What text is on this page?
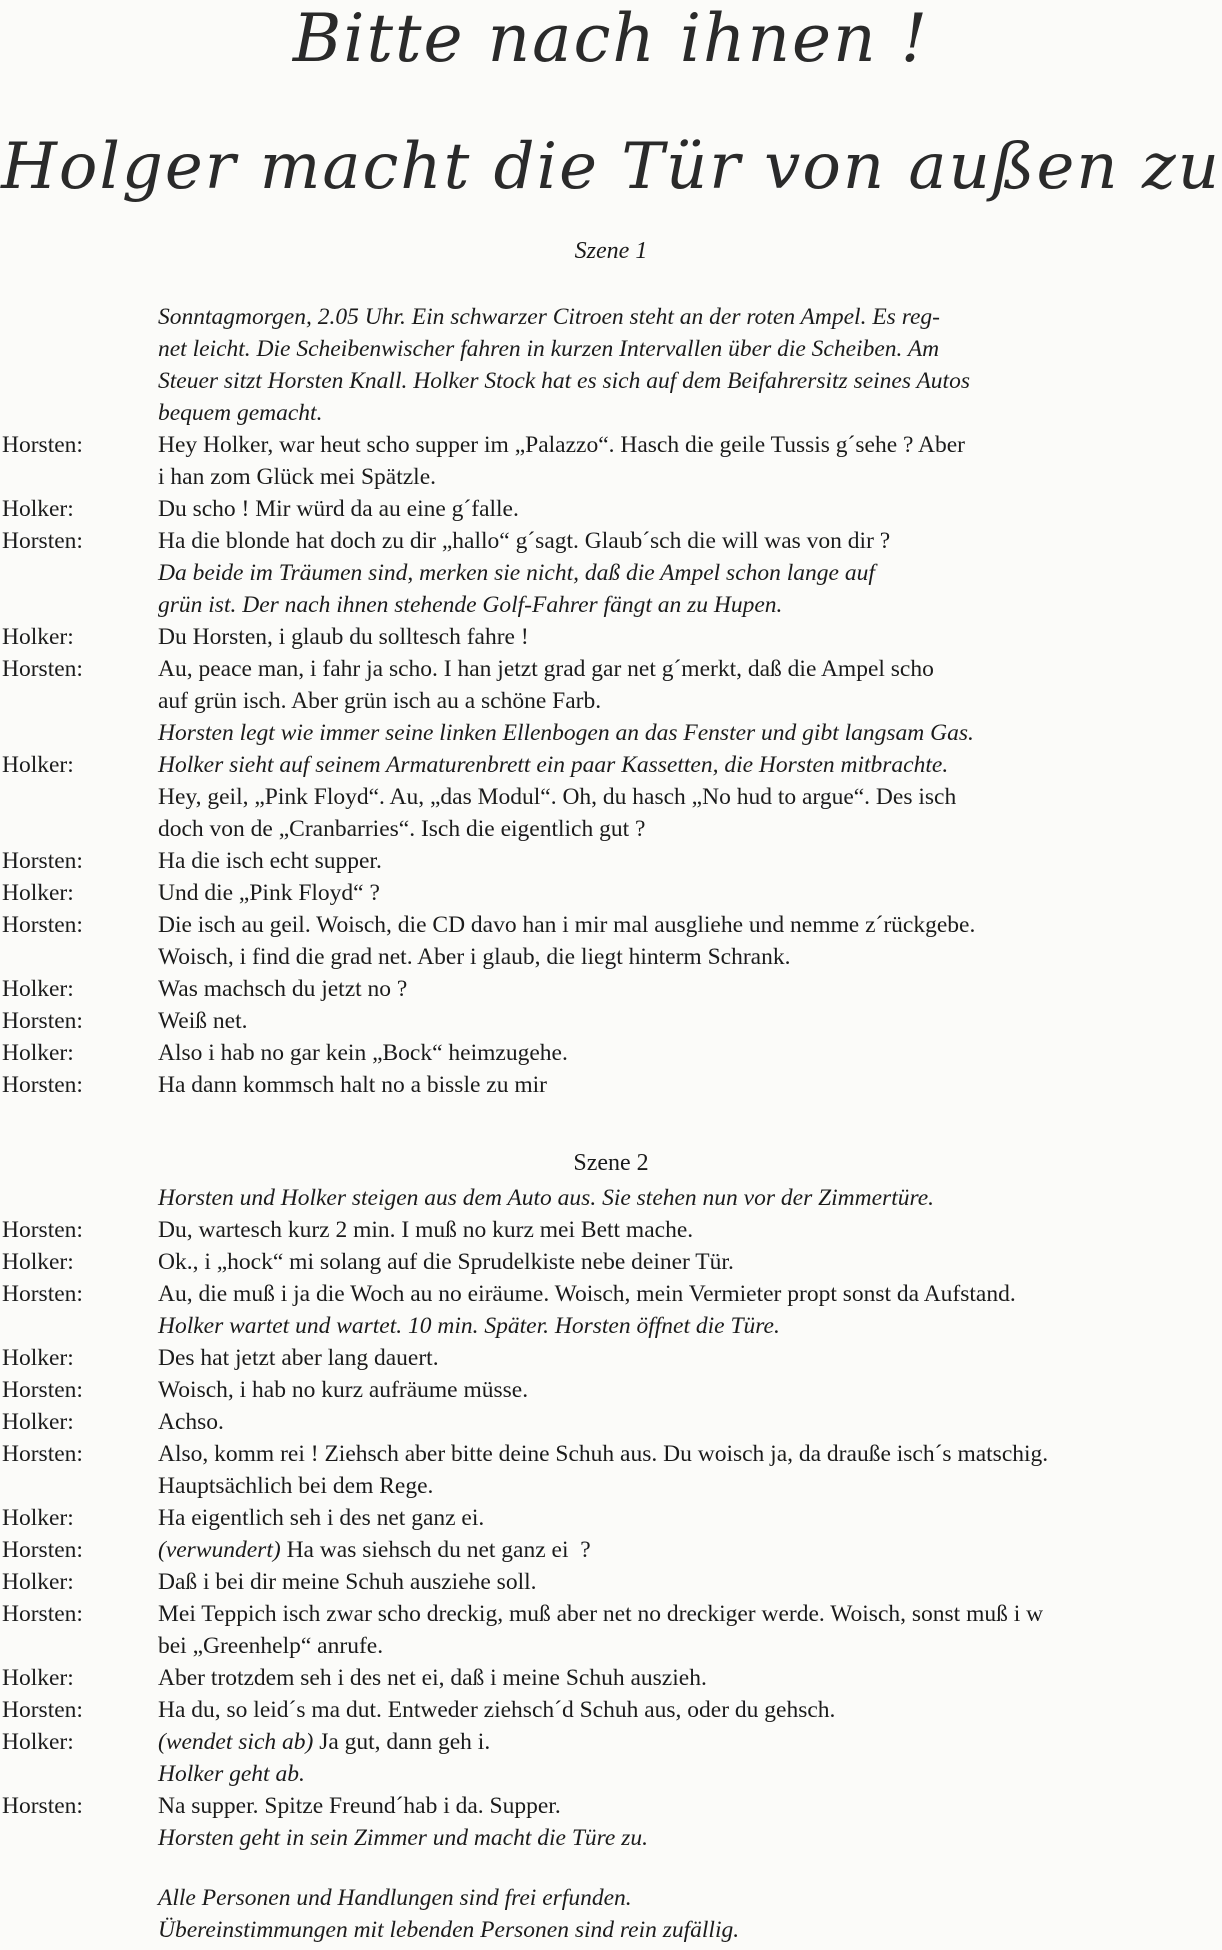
Bitte nach ihnen !
Holger macht die Tür von außen zu
Szene 1
Sonntagmorgen, 2.05 Uhr. Ein schwarzer Citroen steht an der roten Ampel. Es reg-
net leicht. Die Scheibenwischer fahren in kurzen Intervallen über die Scheiben. Am
Steuer sitzt Horsten Knall. Holker Stock hat es sich auf dem Beifahrersitz seines Autos
bequem gemacht.
Horsten:	Hey Holker, war heut scho supper im „Palazzo“. Hasch die geile Tussis g´sehe ? Aber
i han zom Glück mei Spätzle.
Holker:	Du scho ! Mir würd da au eine g´falle.
Horsten:	Ha die blonde hat doch zu dir „hallo“ g´sagt. Glaub´sch die will was von dir ?
Da beide im Träumen sind, merken sie nicht, daß die Ampel schon lange auf
grün ist. Der nach ihnen stehende Golf-Fahrer fängt an zu Hupen.
Holker:	Du Horsten, i glaub du solltesch fahre !
Horsten:	Au, peace man, i fahr ja scho. I han jetzt grad gar net g´merkt, daß die Ampel scho
auf grün isch. Aber grün isch au a schöne Farb.
Horsten legt wie immer seine linken Ellenbogen an das Fenster und gibt langsam Gas.
Holker:	Holker sieht auf seinem Armaturenbrett ein paar Kassetten, die Horsten mitbrachte.
Hey, geil, „Pink Floyd“. Au, „das Modul“. Oh, du hasch „No hud to argue“. Des isch
doch von de „Cranbarries“. Isch die eigentlich gut ?
Horsten:	Ha die isch echt supper.
Holker:	Und die „Pink Floyd“ ?
Horsten:	Die isch au geil. Woisch, die CD davo han i mir mal ausgliehe und nemme z´rückgebe.
Woisch, i find die grad net. Aber i glaub, die liegt hinterm Schrank.
Holker:	Was machsch du jetzt no ?
Horsten:	Weiß net.
Holker:	Also i hab no gar kein „Bock“ heimzugehe.
Horsten:	Ha dann kommsch halt no a bissle zu mir
Szene 2
Horsten und Holker steigen aus dem Auto aus. Sie stehen nun vor der Zimmertüre.
Horsten:	Du, wartesch kurz 2 min. I muß no kurz mei Bett mache.
Holker:	Ok., i „hock“ mi solang auf die Sprudelkiste nebe deiner Tür.
Horsten:	Au, die muß i ja die Woch au no eiräume. Woisch, mein Vermieter propt sonst da Aufstand.
Holker wartet und wartet. 10 min. Später. Horsten öffnet die Türe.
Holker:	Des hat jetzt aber lang dauert.
Horsten:	Woisch, i hab no kurz aufräume müsse.
Holker:	Achso.
Horsten:	Also, komm rei ! Ziehsch aber bitte deine Schuh aus. Du woisch ja, da drauße isch´s matschig.
Hauptsächlich bei dem Rege.
Holker:	Ha eigentlich seh i des net ganz ei.
Horsten:	(verwundert) Ha was siehsch du net ganz ei  ?
Holker:	Daß i bei dir meine Schuh ausziehe soll.
Horsten:	Mei Teppich isch zwar scho dreckig, muß aber net no dreckiger werde. Woisch, sonst muß i w
bei „Greenhelp“ anrufe.
Holker:	Aber trotzdem seh i des net ei, daß i meine Schuh auszieh.
Horsten:	Ha du, so leid´s ma dut. Entweder ziehsch´d Schuh aus, oder du gehsch.
Holker:	(wendet sich ab) Ja gut, dann geh i.
Holker geht ab.
Horsten:	Na supper. Spitze Freund´hab i da. Supper.
Horsten geht in sein Zimmer und macht die Türe zu.
Alle Personen und Handlungen sind frei erfunden.
Übereinstimmungen mit lebenden Personen sind rein zufällig.
